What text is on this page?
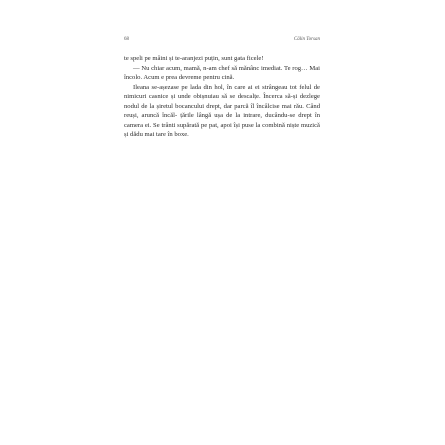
68	Călin Torsan

te speli pe mâini și te-aranjezi puțin, sunt gata ficele!

— Nu chiar acum, mamă, n-am chef să mănânc imediat. Te rog… Mai încolo. Acum e prea devreme pentru cină.

Ileana se-așezase pe lada din hol, în care ai ei strângeau tot felul de nimicuri casnice și unde obișnuiau să se descalțe. Încerca să-și dezlege nodul de la șiretul bocancului drept, dar parcă îl încâlcise mai rău. Când reuși, aruncă încăl- țările lângă ușa de la intrare, ducându-se drept în camera ei. Se trânti supărată pe pat, apoi își puse la combină niște muzică și dădu mai tare în boxe.
